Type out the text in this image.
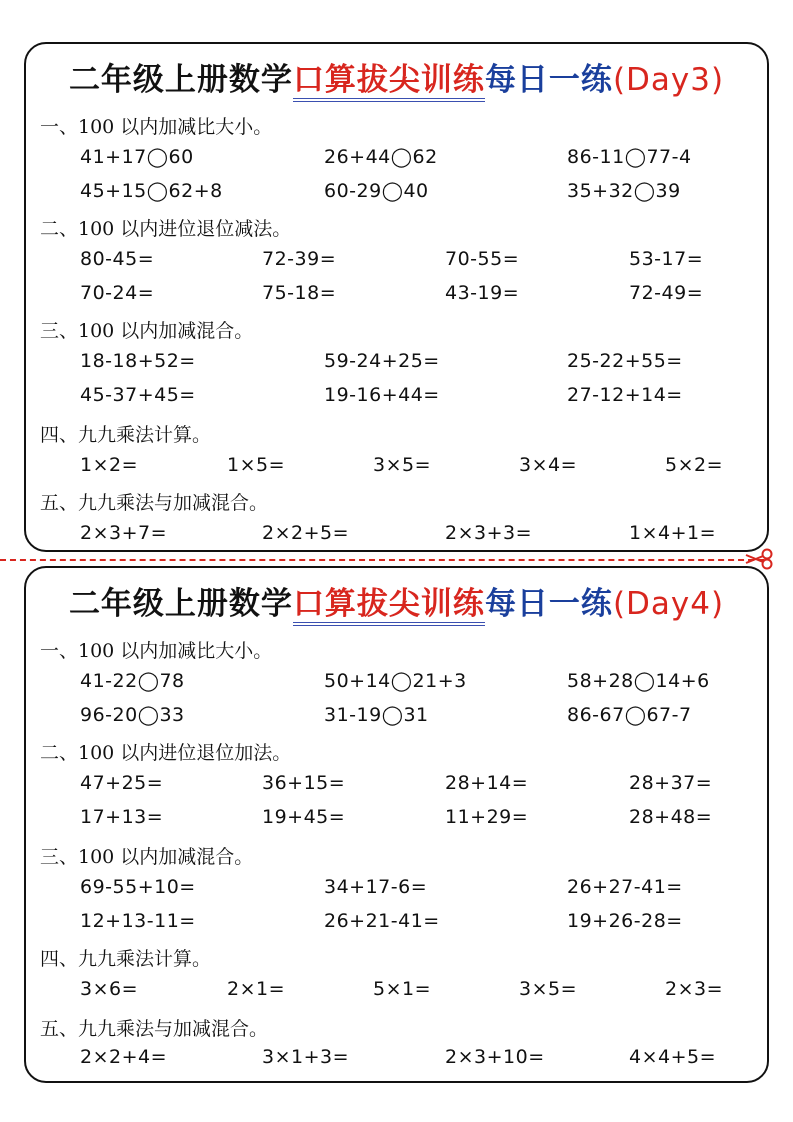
二年级上册数学口算拔尖训练每日一练(Day3)
一、100 以内加减比大小。
41+17◯60	26+44◯62	86-11◯77-4
45+15◯62+8	60-29◯40	35+32◯39
二、100 以内进位退位减法。
80-45=	72-39=	70-55=	53-17=
70-24=	75-18=	43-19=	72-49=
三、100 以内加减混合。
18-18+52=	59-24+25=	25-22+55=
45-37+45=	19-16+44=	27-12+14=
四、九九乘法计算。
1×2=	1×5=	3×5=	3×4=	5×2=
五、九九乘法与加减混合。
2×3+7=	2×2+5=	2×3+3=	1×4+1=
二年级上册数学口算拔尖训练每日一练(Day4)
一、100 以内加减比大小。
41-22◯78	50+14◯21+3	58+28◯14+6
96-20◯33	31-19◯31	86-67◯67-7
二、100 以内进位退位加法。
47+25=	36+15=	28+14=	28+37=
17+13=	19+45=	11+29=	28+48=
三、100 以内加减混合。
69-55+10=	34+17-6=	26+27-41=
12+13-11=	26+21-41=	19+26-28=
四、九九乘法计算。
3×6=	2×1=	5×1=	3×5=	2×3=
五、九九乘法与加减混合。
2×2+4=	3×1+3=	2×3+10=	4×4+5=
